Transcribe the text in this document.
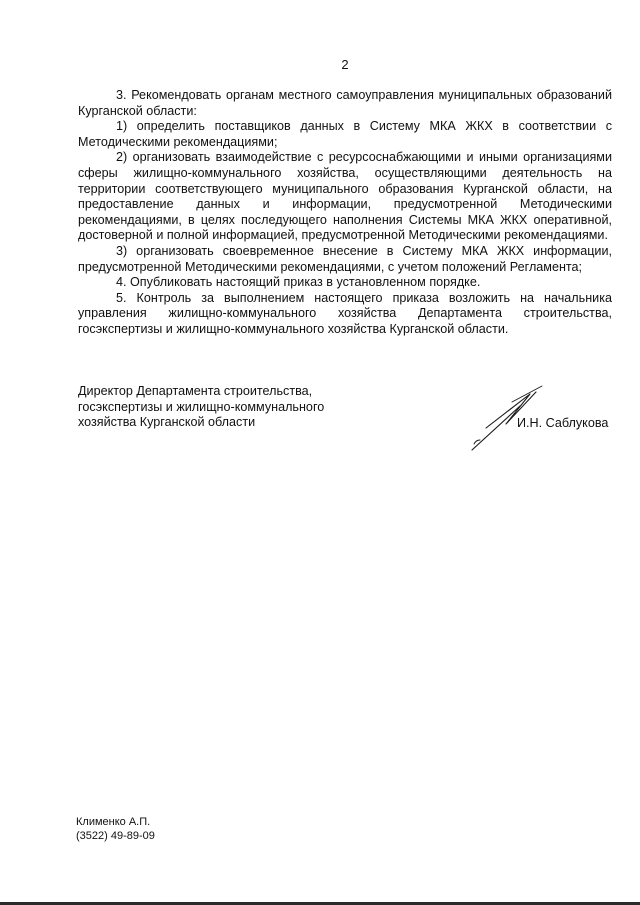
2

3. Рекомендовать органам местного самоуправления муниципальных образований Курганской области:

1) определить поставщиков данных в Систему МКА ЖКХ в соответствии с Методическими рекомендациями;

2) организовать взаимодействие с ресурсоснабжающими и иными организациями сферы жилищно-коммунального хозяйства, осуществляющими деятельность на территории соответствующего муниципального образования Курганской области, на предоставление данных и информации, предусмотренной Методическими рекомендациями, в целях последующего наполнения Системы МКА ЖКХ оперативной, достоверной и полной информацией, предусмотренной Методическими рекомендациями.

3) организовать своевременное внесение в Систему МКА ЖКХ информации, предусмотренной Методическими рекомендациями, с учетом положений Регламента;

4. Опубликовать настоящий приказ в установленном порядке.

5. Контроль за выполнением настоящего приказа возложить на начальника управления жилищно-коммунального хозяйства Департамента строительства, госэкспертизы и жилищно-коммунального хозяйства Курганской области.

Директор Департамента строительства,
госэкспертизы и жилищно-коммунального
хозяйства Курганской области	И.Н. Саблукова
Клименко А.П.
(3522) 49-89-09
